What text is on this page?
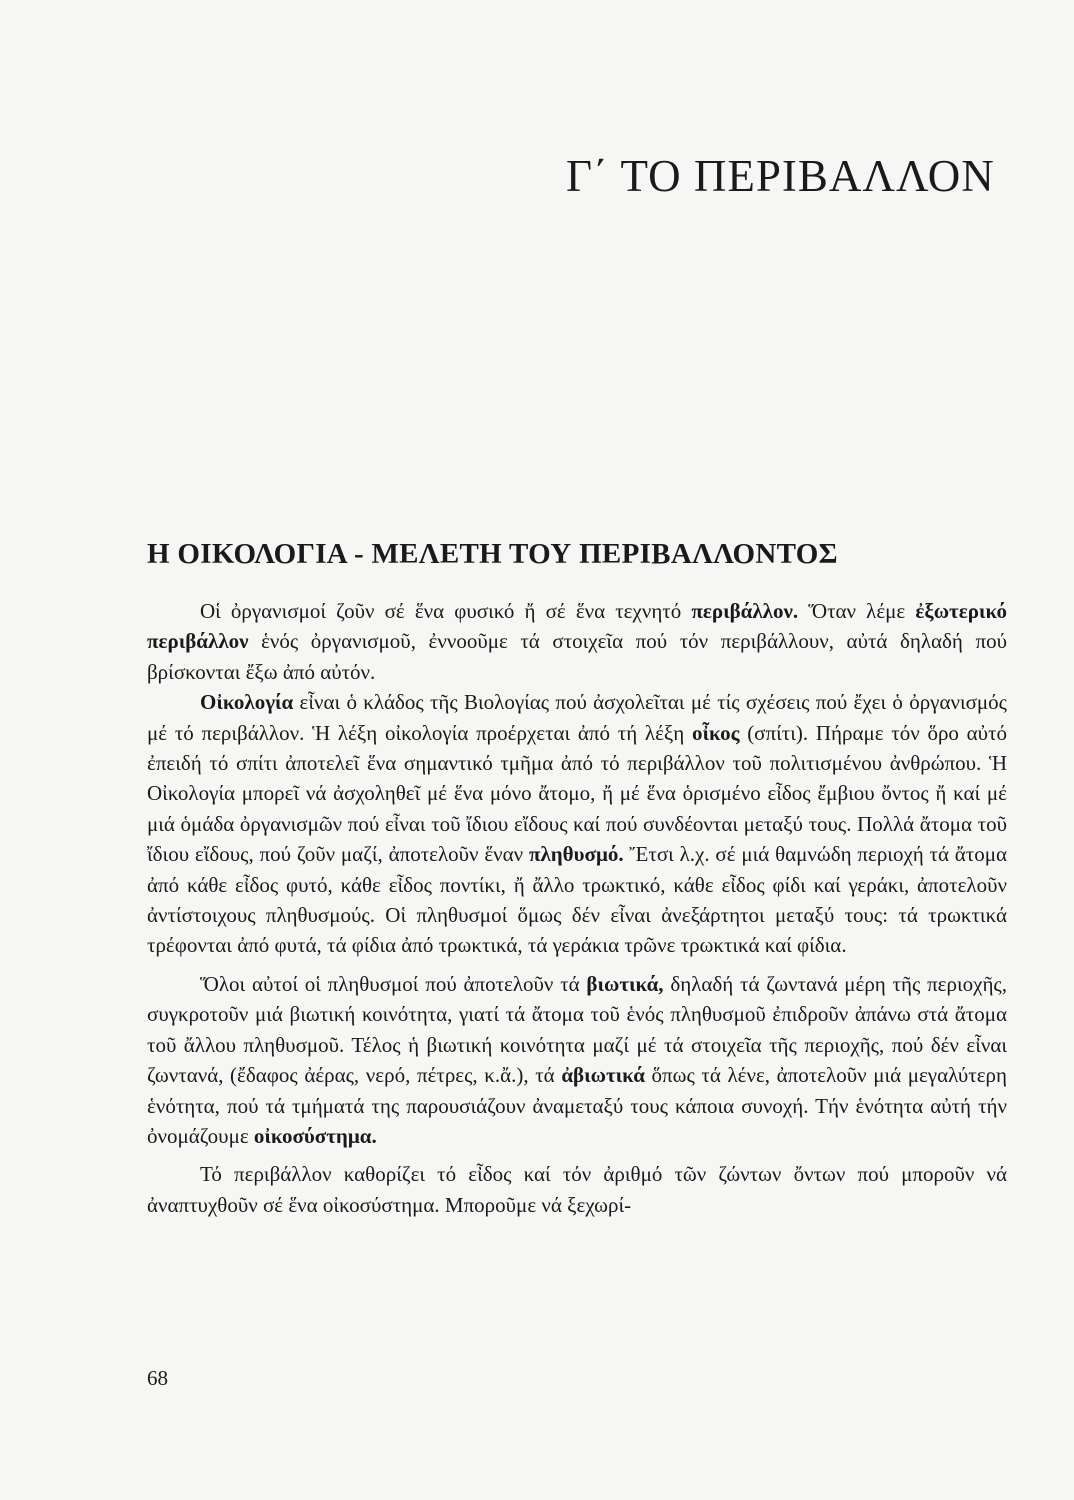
Γ΄ ΤΟ ΠΕΡΙΒΑΛΛΟΝ
Η ΟΙΚΟΛΟΓΙΑ - ΜΕΛΕΤΗ ΤΟΥ ΠΕΡΙΒΑΛΛΟΝΤΟΣ

Οἱ ὀργανισμοί ζοῦν σέ ἕνα φυσικό ἤ σέ ἕνα τεχνητό περιβάλλον. Ὅταν λέμε ἐξωτερικό περιβάλλον ἑνός ὀργανισμοῦ, ἐννοοῦμε τά στοιχεῖα πού τόν περιβάλλουν, αὐτά δηλαδή πού βρίσκονται ἔξω ἀπό αὐτόν.

Οἰκολογία εἶναι ὁ κλάδος τῆς Βιολογίας πού ἀσχολεῖται μέ τίς σχέσεις πού ἔχει ὁ ὀργανισμός μέ τό περιβάλλον. Ἡ λέξη οἰκολογία προέρχεται ἀπό τή λέξη οἶκος (σπίτι). Πήραμε τόν ὅρο αὐτό ἐπειδή τό σπίτι ἀποτελεῖ ἕνα σημαντικό τμῆμα ἀπό τό περιβάλλον τοῦ πολιτισμένου ἀνθρώπου. Ἡ Οἰκολογία μπορεῖ νά ἀσχοληθεῖ μέ ἕνα μόνο ἄτομο, ἤ μέ ἕνα ὁρισμένο εἶδος ἔμβιου ὄντος ἤ καί μέ μιά ὁμάδα ὀργανισμῶν πού εἶναι τοῦ ἴδιου εἴδους καί πού συνδέονται μεταξύ τους. Πολλά ἄτομα τοῦ ἴδιου εἴδους, πού ζοῦν μαζί, ἀποτελοῦν ἕναν πληθυσμό. Ἔτσι λ.χ. σέ μιά θαμνώδη περιοχή τά ἄτομα ἀπό κάθε εἶδος φυτό, κάθε εἶδος ποντίκι, ἤ ἄλλο τρωκτικό, κάθε εἶδος φίδι καί γεράκι, ἀποτελοῦν ἀντίστοιχους πληθυσμούς. Οἱ πληθυσμοί ὅμως δέν εἶναι ἀνεξάρτητοι μεταξύ τους: τά τρωκτικά τρέφονται ἀπό φυτά, τά φίδια ἀπό τρωκτικά, τά γεράκια τρῶνε τρωκτικά καί φίδια.

Ὅλοι αὐτοί οἱ πληθυσμοί πού ἀποτελοῦν τά βιωτικά, δηλαδή τά ζωντανά μέρη τῆς περιοχῆς, συγκροτοῦν μιά βιωτική κοινότητα, γιατί τά ἄτομα τοῦ ἑνός πληθυσμοῦ ἐπιδροῦν ἀπάνω στά ἄτομα τοῦ ἄλλου πληθυσμοῦ. Τέλος ἡ βιωτική κοινότητα μαζί μέ τά στοιχεῖα τῆς περιοχῆς, πού δέν εἶναι ζωντανά, (ἔδαφος ἀέρας, νερό, πέτρες, κ.ἄ.), τά ἀβιωτικά ὅπως τά λένε, ἀποτελοῦν μιά μεγαλύτερη ἑνότητα, πού τά τμήματά της παρουσιάζουν ἀναμεταξύ τους κάποια συνοχή. Τήν ἑνότητα αὐτή τήν ὀνομάζουμε οἰκοσύστημα.

Τό περιβάλλον καθορίζει τό εἶδος καί τόν ἀριθμό τῶν ζώντων ὄντων πού μποροῦν νά ἀναπτυχθοῦν σέ ἕνα οἰκοσύστημα. Μποροῦμε νά ξεχωρί-

68
